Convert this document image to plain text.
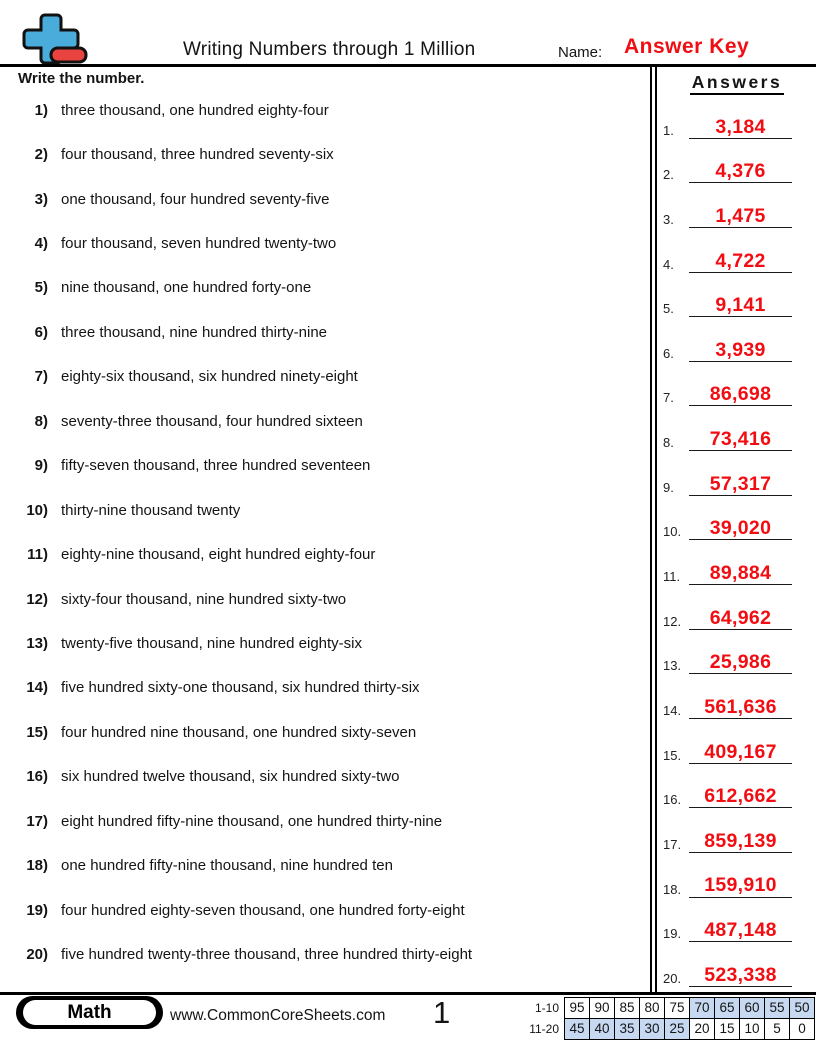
Writing Numbers through 1 Million	Name: Answer Key
Write the number.
1) three thousand, one hundred eighty-four
2) four thousand, three hundred seventy-six
3) one thousand, four hundred seventy-five
4) four thousand, seven hundred twenty-two
5) nine thousand, one hundred forty-one
6) three thousand, nine hundred thirty-nine
7) eighty-six thousand, six hundred ninety-eight
8) seventy-three thousand, four hundred sixteen
9) fifty-seven thousand, three hundred seventeen
10) thirty-nine thousand twenty
11) eighty-nine thousand, eight hundred eighty-four
12) sixty-four thousand, nine hundred sixty-two
13) twenty-five thousand, nine hundred eighty-six
14) five hundred sixty-one thousand, six hundred thirty-six
15) four hundred nine thousand, one hundred sixty-seven
16) six hundred twelve thousand, six hundred sixty-two
17) eight hundred fifty-nine thousand, one hundred thirty-nine
18) one hundred fifty-nine thousand, nine hundred ten
19) four hundred eighty-seven thousand, one hundred forty-eight
20) five hundred twenty-three thousand, three hundred thirty-eight
Answers
1.	3,184
2.	4,376
3.	1,475
4.	4,722
5.	9,141
6.	3,939
7.	86,698
8.	73,416
9.	57,317
10.	39,020
11.	89,884
12.	64,962
13.	25,986
14.	561,636
15.	409,167
16.	612,662
17.	859,139
18.	159,910
19.	487,148
20.	523,338
Math	www.CommonCoreSheets.com 1	1-10 95 90 85 80 75 70 65 60 55 50
11-20 45 40 35 30 25 20 15 10	5	0
